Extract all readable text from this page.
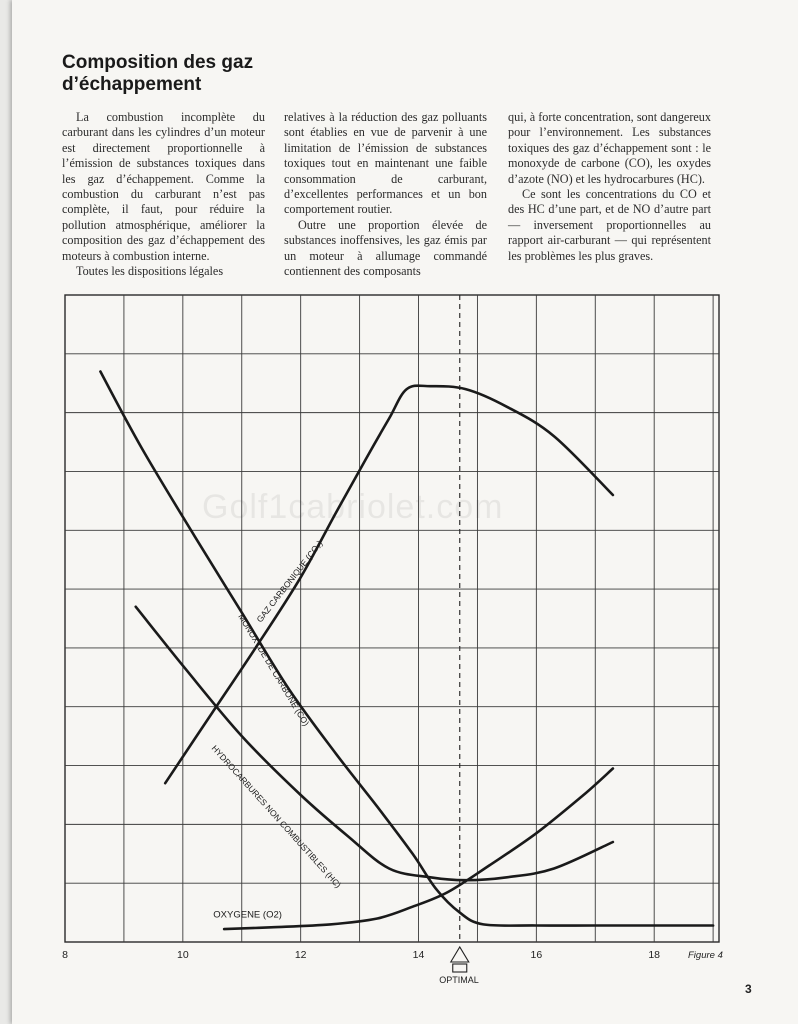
Composition des gaz d’échappement

La combustion incomplète du carburant dans les cylindres d’un moteur est directement proportionnelle à l’émission de substances toxiques dans les gaz d’échappement. Comme la combustion du carburant n’est pas complète, il faut, pour réduire la pollution atmosphérique, améliorer la composition des gaz d’échappement des moteurs à combustion interne.

Toutes les dispositions légales

relatives à la réduction des gaz polluants sont établies en vue de parvenir à une limitation de l’émission de substances toxiques tout en maintenant une faible consommation de carburant, d’excellentes performances et un bon comportement routier.

Outre une proportion élevée de substances inoffensives, les gaz émis par un moteur à allumage commandé contiennent des composants

qui, à forte concentration, sont dangereux pour l’environnement. Les substances toxiques des gaz d’échappement sont : le monoxyde de carbone (CO), les oxydes d’azote (NO) et les hydrocarbures (HC).

Ce sont les concentrations du CO et des HC d’une part, et de NO d’autre part — inversement proportionnelles au rapport air-carburant — qui représentent les problèmes les plus graves.

Golf1cabriolet.com
GAZ CARBONIQUE (CO₂)
MONOXYDE DE CARBONE (CO)
HYDROCARBURES NON COMBUSTIBLES (HC)
OXYGENE (O2)
8	10	12	14	16	18	Figure 4
OPTIMAL
3
